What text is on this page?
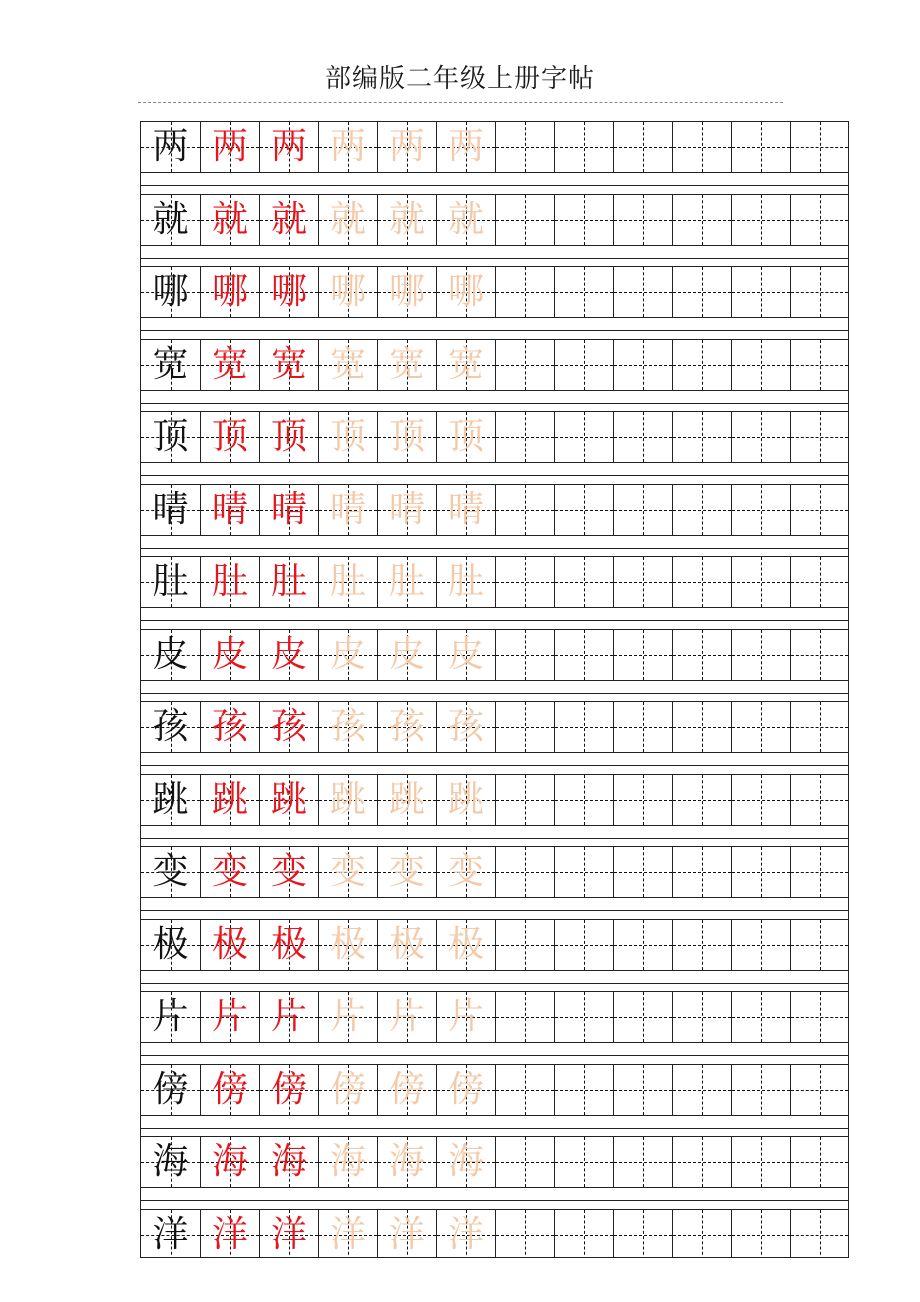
部编版二年级上册字帖
两 两 两 两 两 两
就 就 就 就 就 就
哪 哪 哪 哪 哪 哪
宽 宽 宽 宽 宽 宽
顶 顶 顶 顶 顶 顶
晴 晴 晴 晴 晴 晴
肚 肚 肚 肚 肚 肚
皮 皮 皮 皮 皮 皮
孩 孩 孩 孩 孩 孩
跳 跳 跳 跳 跳 跳
变 变 变 变 变 变
极 极 极 极 极 极
片 片 片 片 片 片
傍 傍 傍 傍 傍 傍
海 海 海 海 海 海
洋 洋 洋 洋 洋 洋
